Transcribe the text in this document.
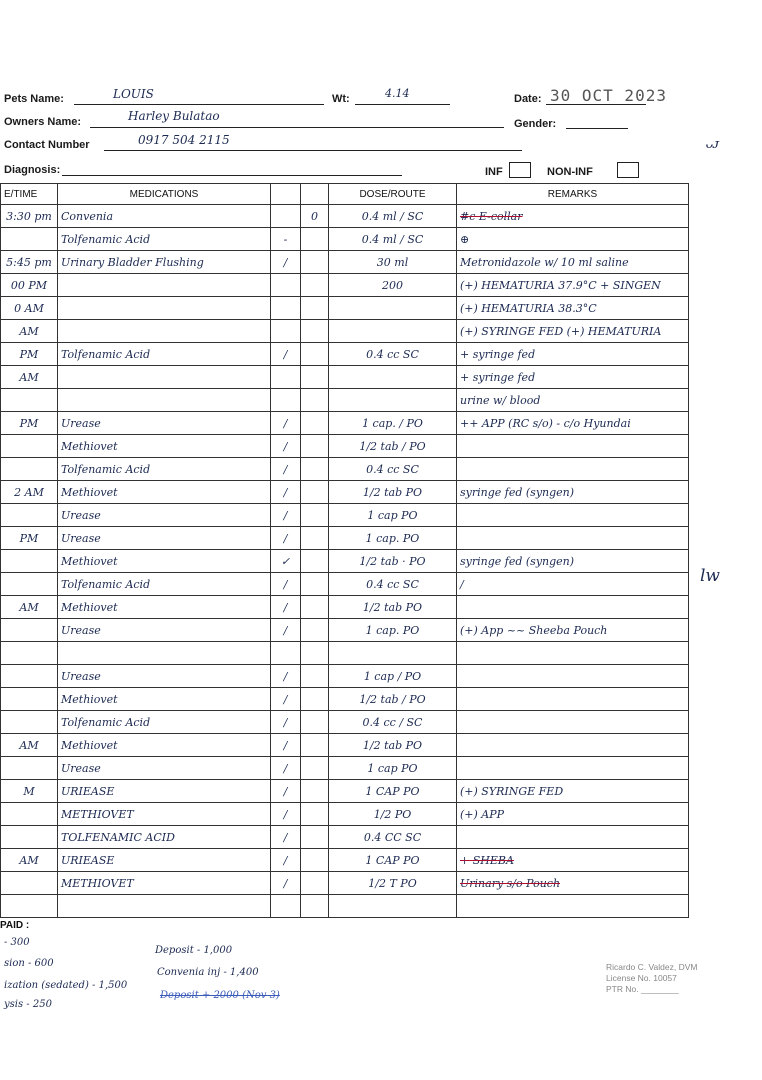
Pets Name:	LOUIS	Wt:	4.14	Date: 30 OCT 2023
Owners Name:	Harley Bulatao
Gender:
Contact Number	0917 504 2115
Diagnosis:	INF	NON-INF
E/TIME	MEDICATIONS			DOSE/ROUTE	REMARKS
3:30 pm	Convenia		0	0.4 ml / SC	#c E-collar
	Tolfenamic Acid	-		0.4 ml / SC	⊕
5:45 pm	Urinary Bladder Flushing	/		30 ml	Metronidazole w/ 10 ml saline
00 PM				200	(+) HEMATURIA 37.9°C + SINGEN
0 AM					(+) HEMATURIA 38.3°C
AM					(+) SYRINGE FED (+) HEMATURIA
PM	Tolfenamic Acid	/		0.4 cc SC	+ syringe fed
AM					+ syringe fed
					urine w/ blood
PM	Urease	/		1 cap. / PO	++ APP (RC s/o) - c/o Hyundai
	Methiovet	/		1/2 tab / PO	
	Tolfenamic Acid	/		0.4 cc SC	
2 AM	Methiovet	/		1/2 tab PO	syringe fed (syngen)
	Urease	/		1 cap PO	
PM	Urease	/		1 cap. PO	
	Methiovet	✓		1/2 tab · PO	syringe fed (syngen)
	Tolfenamic Acid	/		0.4 cc SC	/
AM	Methiovet	/		1/2 tab PO	
	Urease	/		1 cap. PO	(+) App ~~ Sheeba Pouch

	Urease	/		1 cap / PO	
	Methiovet	/		1/2 tab / PO	
	Tolfenamic Acid	/		0.4 cc / SC	
AM	Methiovet	/		1/2 tab PO	
	Urease	/		1 cap PO	
M	URIEASE	/		1 CAP PO	(+) SYRINGE FED
	METHIOVET	/		1/2 PO	(+) APP
	TOLFENAMIC ACID	/		0.4 CC SC	
AM	URIEASE	/		1 CAP PO	+ SHEBA
	METHIOVET	/		1/2 T PO	Urinary s/o Pouch

ᴗᴊ
lw
PAID :
- 300
sion - 600
ization (sedated) - 1,500
ysis - 250
Deposit - 1,000
Convenia inj - 1,400
Deposit + 2000 (Nov 3)
Ricardo C. Valdez, DVM
License No. 10057
PTR No. ________
